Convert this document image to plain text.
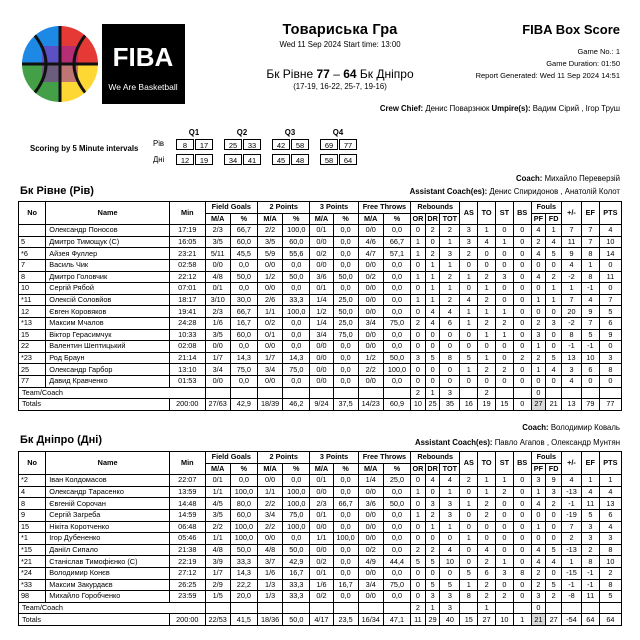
FIBA
We Are Basketball
Товариська Гра
Wed 11 Sep 2024 Start time: 13:00
Бк Рівне 77 – 64 Бк Дніпро
(17-19, 16-22, 25-7, 19-16)
FIBA Box Score
Game No.: 1
Game Duration: 01:50
Report Generated: Wed 11 Sep 2024 14:51
Crew Chief: Денис Поварзнюк Umpire(s): Вадим Сірий , Ігор Труш
Scoring by 5 Minute intervals
Рів
Дні
Q1	Q2	Q3	Q4
8	17	25	33	42	58	69	77
12	19	34	41	45	48	58	64
Coach: Михайло Переверзій
Бк Рівне (Рів)	Assistant Coach(es): Денис Спиридонов , Анатолій Колот
No	Name	Min	Field Goals		2 Points		3 Points		Free Throws		Rebounds			AS	TO	ST	BS	Fouls		+/-	EF	PTS
			M/A	%	M/A	%	M/A	%	M/A	%	OR	DR	TOT					PF	FD			
	Олександр Поносов	17:19	2/3	66,7	2/2	100,0	0/1	0,0	0/0	0,0	0	2	2	3	1	0	0	4	1	7	7	4
5	Дмитро Тимощук (С)	16:05	3/5	60,0	3/5	60,0	0/0	0,0	4/6	66,7	1	0	1	3	4	1	0	2	4	11	7	10
*6	Айзея Фуллер	23:21	5/11	45,5	5/9	55,6	0/2	0,0	4/7	57,1	1	2	3	2	0	0	0	4	5	9	8	14
7	Василь Чик	02:58	0/0	0,0	0/0	0,0	0/0	0,0	0/0	0,0	0	1	1	0	0	0	0	0	0	4	1	0
8	Дмитро Головчик	22:12	4/8	50,0	1/2	50,0	3/6	50,0	0/2	0,0	1	1	2	1	2	3	0	4	2	-2	8	11
10	Сергій Рябой	07:01	0/1	0,0	0/0	0,0	0/1	0,0	0/0	0,0	0	1	1	0	1	0	0	0	1	1	-1	0
*11	Олексій Соловйов	18:17	3/10	30,0	2/6	33,3	1/4	25,0	0/0	0,0	1	1	2	4	2	0	0	1	1	7	4	7
12	Євген Коровяков	19:41	2/3	66,7	1/1	100,0	1/2	50,0	0/0	0,0	0	4	4	1	1	1	0	0	0	20	9	5
*13	Максим Мчалов	24:28	1/6	16,7	0/2	0,0	1/4	25,0	3/4	75,0	2	4	6	1	2	2	0	2	3	-2	7	6
15	Віктор Герасимчук	10:33	3/5	60,0	0/1	0,0	3/4	75,0	0/0	0,0	0	0	0	0	1	1	0	3	0	8	5	9
22	Валентин Шептицький	02:08	0/0	0,0	0/0	0,0	0/0	0,0	0/0	0,0	0	0	0	0	0	0	0	1	0	-1	-1	0
*23	Род Браун	21:14	1/7	14,3	1/7	14,3	0/0	0,0	1/2	50,0	3	5	8	5	1	0	2	2	5	13	10	3
25	Олександр Гарбор	13:10	3/4	75,0	3/4	75,0	0/0	0,0	2/2	100,0	0	0	0	1	2	2	0	1	4	3	6	8
77	Давид Кравченко	01:53	0/0	0,0	0/0	0,0	0/0	0,0	0/0	0,0	0	0	0	0	0	0	0	0	0	4	0	0
Team/Coach											2	1	3		2			0				
Totals		200:00	27/63	42,9	18/39	46,2	9/24	37,5	14/23	60,9	10	25	35	16	19	15	0	27	21	13	79	77
Coach: Володимир Коваль
Бк Дніпро (Дні)	Assistant Coach(es): Павло Агапов , Олександр Мунтян
No	Name	Min	Field Goals		2 Points		3 Points		Free Throws		Rebounds			AS	TO	ST	BS	Fouls		+/-	EF	PTS
			M/A	%	M/A	%	M/A	%	M/A	%	OR	DR	TOT					PF	FD			
*2	Іван Колдомасов	22:07	0/1	0,0	0/0	0,0	0/1	0,0	1/4	25,0	0	4	4	2	1	1	0	3	9	4	1	1
4	Олександр Тарасенко	13:59	1/1	100,0	1/1	100,0	0/0	0,0	0/0	0,0	1	0	1	0	1	2	0	1	3	-13	4	4
8	Євгеній Сорочан	14:48	4/5	80,0	2/2	100,0	2/3	66,7	3/6	50,0	0	3	3	1	2	0	0	4	2	-1	11	13
9	Сергій Загреба	14:59	3/5	60,0	3/4	75,0	0/1	0,0	0/0	0,0	1	2	3	0	2	0	0	0	0	-19	5	6
15	Нікіта Коротченко	06:48	2/2	100,0	2/2	100,0	0/0	0,0	0/0	0,0	0	1	1	0	0	0	0	1	0	7	3	4
*1	Ігор Дубененко	05:46	1/1	100,0	0/0	0,0	1/1	100,0	0/0	0,0	0	0	0	1	0	0	0	0	0	2	3	3
*15	Даніїл Сипало	21:38	4/8	50,0	4/8	50,0	0/0	0,0	0/2	0,0	2	2	4	0	4	0	0	4	5	-13	2	8
*21	Станіслав Тимофієнко (С)	22:19	3/9	33,3	3/7	42,9	0/2	0,0	4/9	44,4	5	5	10	0	2	1	0	4	4	1	8	10
*24	Володимир Конєв	27:12	1/7	14,3	1/6	16,7	0/1	0,0	0/0	0,0	0	0	0	5	6	3	8	2	0	-15	-1	2
*33	Максим Закурдаєв	26:25	2/9	22,2	1/3	33,3	1/6	16,7	3/4	75,0	0	5	5	1	2	0	0	2	5	-1	-1	8
98	Михайло Горобченко	23:59	1/5	20,0	1/3	33,3	0/2	0,0	0/0	0,0	0	3	3	8	2	2	0	3	2	-8	11	5
Team/Coach											2	1	3		1			0				
Totals		200:00	22/53	41,5	18/36	50,0	4/17	23,5	16/34	47,1	11	29	40	15	27	10	1	21	27	-54	64	64
